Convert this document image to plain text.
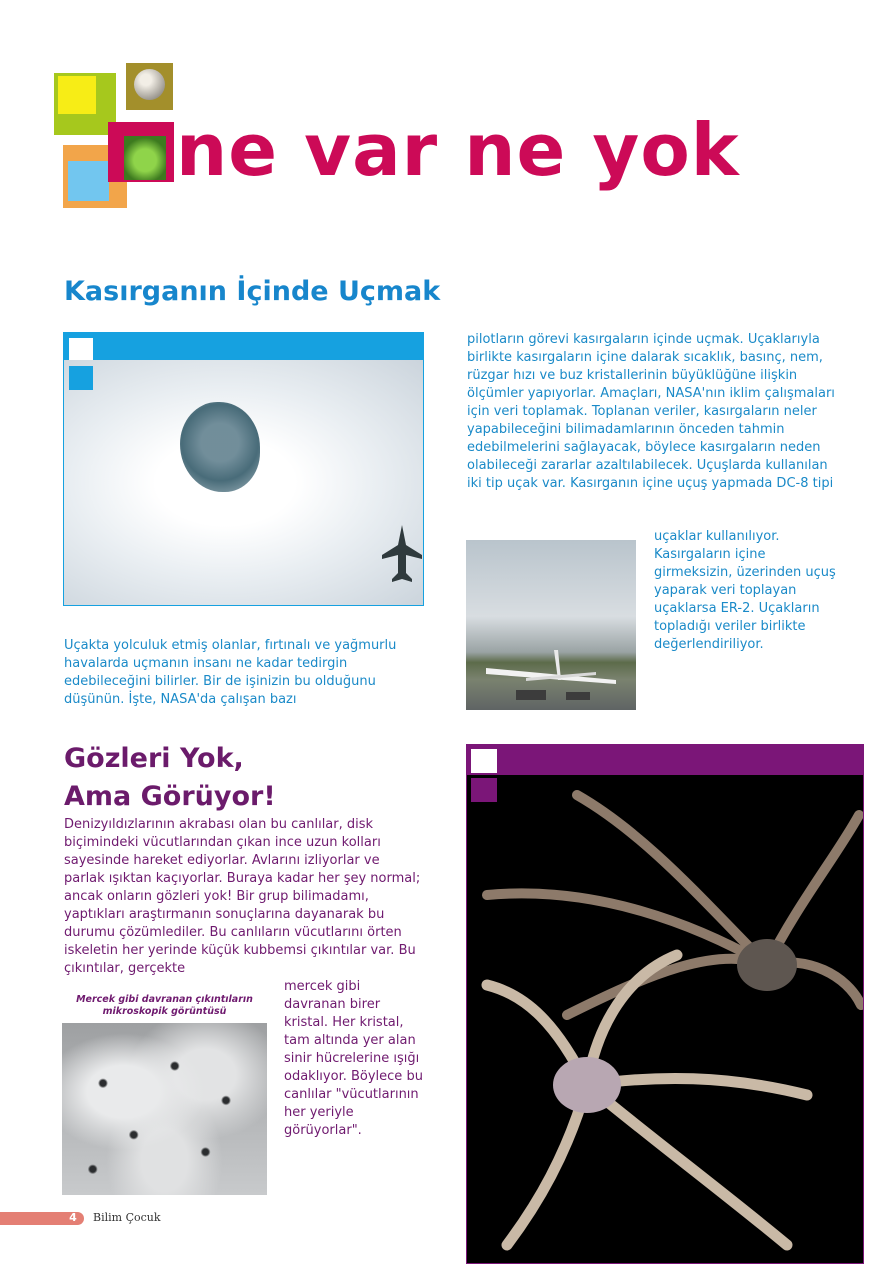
ne var ne yok
Kasırganın İçinde Uçmak

Uçakta yolculuk etmiş olanlar, fırtınalı ve yağmurlu havalarda uçmanın insanı ne kadar tedirgin edebileceğini bilirler. Bir de işinizin bu olduğunu düşünün. İşte, NASA'da çalışan bazı

pilotların görevi kasırgaların içinde uçmak. Uçaklarıyla birlikte kasırgaların içine dalarak sıcaklık, basınç, nem, rüzgar hızı ve buz kristallerinin büyüklüğüne ilişkin ölçümler yapıyorlar. Amaçları, NASA'nın iklim çalışmaları için veri toplamak. Toplanan veriler, kasırgaların neler yapabileceğini bilimadamlarının önceden tahmin edebilmelerini sağlayacak, böylece kasırgaların neden olabileceği zararlar azaltılabilecek. Uçuşlarda kullanılan iki tip uçak var. Kasırganın içine uçuş yapmada DC-8 tipi

uçaklar kullanılıyor. Kasırgaların içine girmeksizin, üzerinden uçuş yaparak veri toplayan uçaklarsa ER-2. Uçakların topladığı veriler birlikte değerlendiriliyor.

Gözleri Yok,
Ama Görüyor!

Denizyıldızlarının akrabası olan bu canlılar, disk biçimindeki vücutlarından çıkan ince uzun kolları sayesinde hareket ediyorlar. Avlarını izliyorlar ve parlak ışıktan kaçıyorlar. Buraya kadar her şey normal; ancak onların gözleri yok! Bir grup bilimadamı, yaptıkları araştırmanın sonuçlarına dayanarak bu durumu çözümlediler. Bu canlıların vücutlarını örten iskeletin her yerinde küçük kubbemsi çıkıntılar var. Bu çıkıntılar, gerçekte

Mercek gibi davranan çıkıntıların mikroskopik görüntüsü

mercek gibi davranan birer kristal. Her kristal, tam altında yer alan sinir hücrelerine ışığı odaklıyor. Böylece bu canlılar "vücutlarının her yeriyle görüyorlar".

4	Bilim Çocuk
